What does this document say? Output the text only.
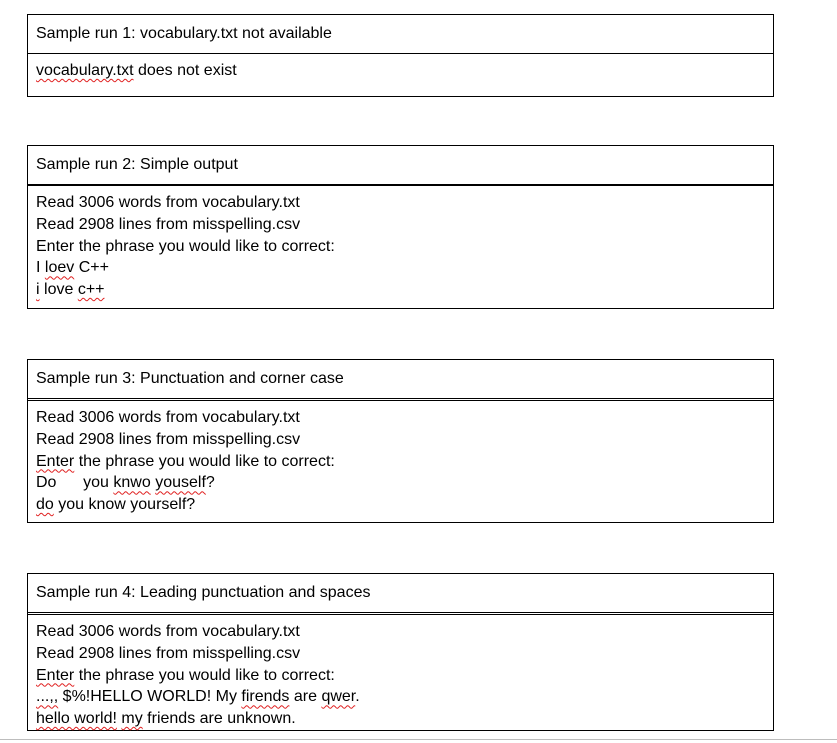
Sample run 1: vocabulary.txt not available
vocabulary.txt does not exist
Sample run 2: Simple output
Read 3006 words from vocabulary.txt
Read 2908 lines from misspelling.csv
Enter the phrase you would like to correct:
I loev C++
i love c++
Sample run 3: Punctuation and corner case
Read 3006 words from vocabulary.txt
Read 2908 lines from misspelling.csv
Enter the phrase you would like to correct:
Do      you knwo youself?
do you know yourself?
Sample run 4: Leading punctuation and spaces
Read 3006 words from vocabulary.txt
Read 2908 lines from misspelling.csv
Enter the phrase you would like to correct:
...,, $%!HELLO WORLD! My firends are qwer.
hello world! my friends are unknown.
